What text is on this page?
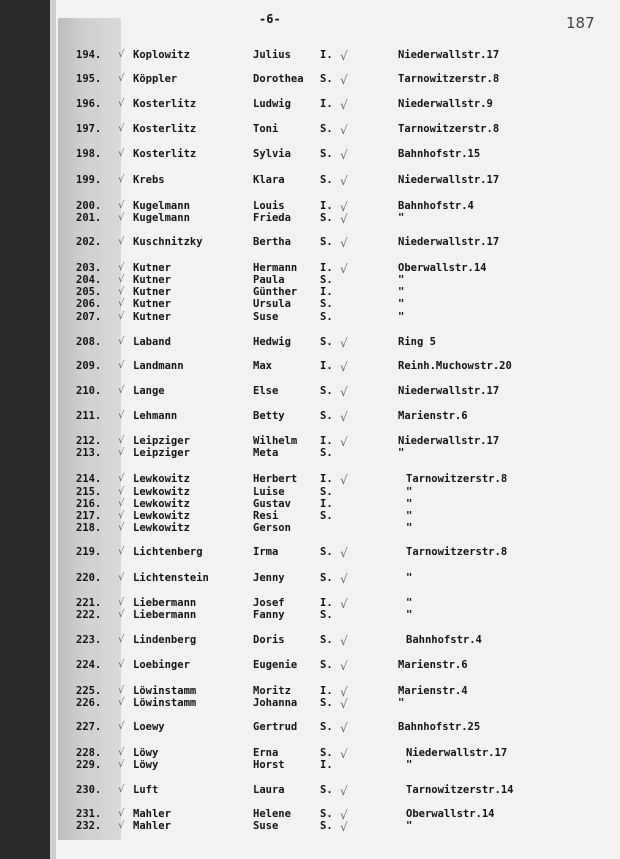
-6-	187
194. √ Koplowitz	Julius	I. √	Niederwallstr.17
195. √ Köppler	Dorothea S. √	Tarnowitzerstr.8
196. √ Kosterlitz	Ludwig	I. √	Niederwallstr.9
197. √ Kosterlitz	Toni	S. √	Tarnowitzerstr.8
198. √ Kosterlitz	Sylvia	S. √	Bahnhofstr.15
199. √ Krebs	Klara	S. √	Niederwallstr.17
200. √ Kugelmann	Louis	I. √	Bahnhofstr.4
201. √ Kugelmann	Frieda	S. √	"
202. √ Kuschnitzky	Bertha	S. √	Niederwallstr.17
203. √ Kutner	Hermann I. √	Oberwallstr.14
204. √ Kutner	Paula	S.	"
205. √ Kutner	Günther I.	"
206. √ Kutner	Ursula	S.	"
207. √ Kutner	Suse	S.	"
208. √ Laband	Hedwig	S. √	Ring 5
209. √ Landmann	Max	I. √	Reinh.Muchowstr.20
210. √ Lange	Else	S. √	Niederwallstr.17
211. √ Lehmann	Betty	S. √	Marienstr.6
212. √ Leipziger	Wilhelm I. √	Niederwallstr.17
213. √ Leipziger	Meta	S.	"
214. √ Lewkowitz	Herbert I. √	Tarnowitzerstr.8
215. √ Lewkowitz	Luise	S.	"
216. √ Lewkowitz	Gustav	I.	"
217. √ Lewkowitz	Resi	S.	"
218. √ Lewkowitz	Gerson	"
219. √ Lichtenberg	Irma	S. √	Tarnowitzerstr.8
220. √ Lichtenstein	Jenny	S. √	"
221. √ Liebermann	Josef	I. √	"
222. √ Liebermann	Fanny	S.	"
223. √ Lindenberg	Doris	S. √	Bahnhofstr.4
224. √ Loebinger	Eugenie S. √	Marienstr.6
225. √ Löwinstamm	Moritz	I. √	Marienstr.4
226. √ Löwinstamm	Johanna S. √	"
227. √ Loewy	Gertrud S. √	Bahnhofstr.25
228. √ Löwy	Erna	S. √	Niederwallstr.17
229. √ Löwy	Horst	I.	"
230. √ Luft	Laura	S. √	Tarnowitzerstr.14
231. √ Mahler	Helene	S. √	Oberwallstr.14
232. √ Mahler	Suse	S. √	"
